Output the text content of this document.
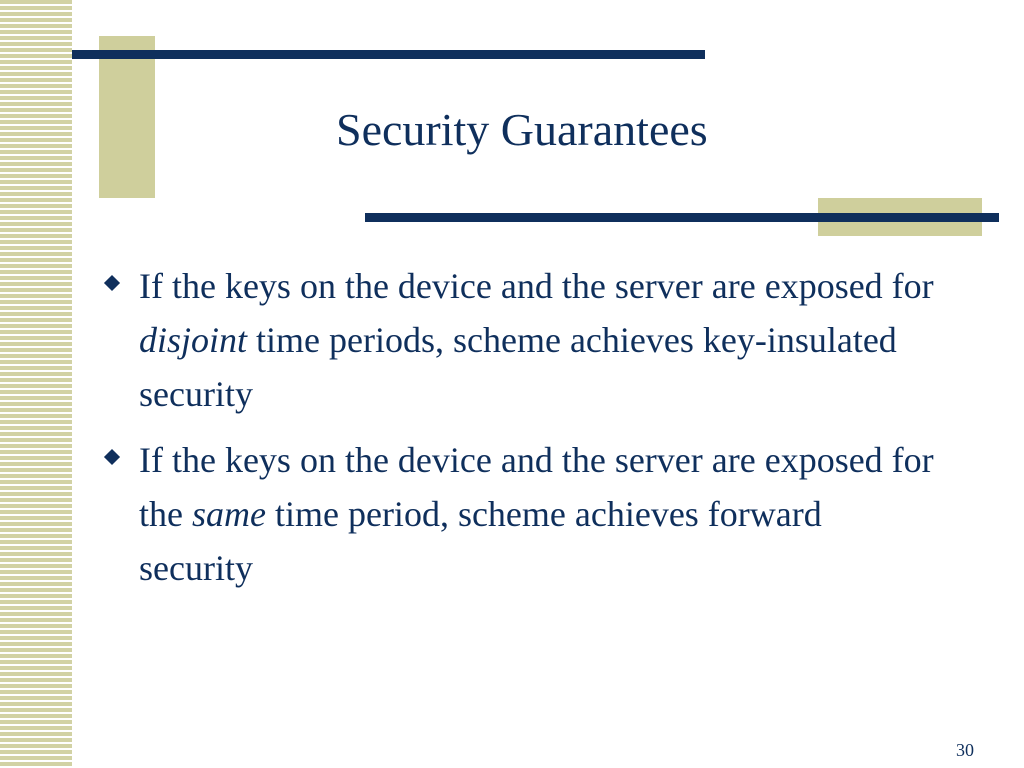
Security Guarantees
If the keys on the device and the server are exposed for disjoint time periods, scheme achieves key-insulated security
If the keys on the device and the server are exposed for the same time period, scheme achieves forward security
30
